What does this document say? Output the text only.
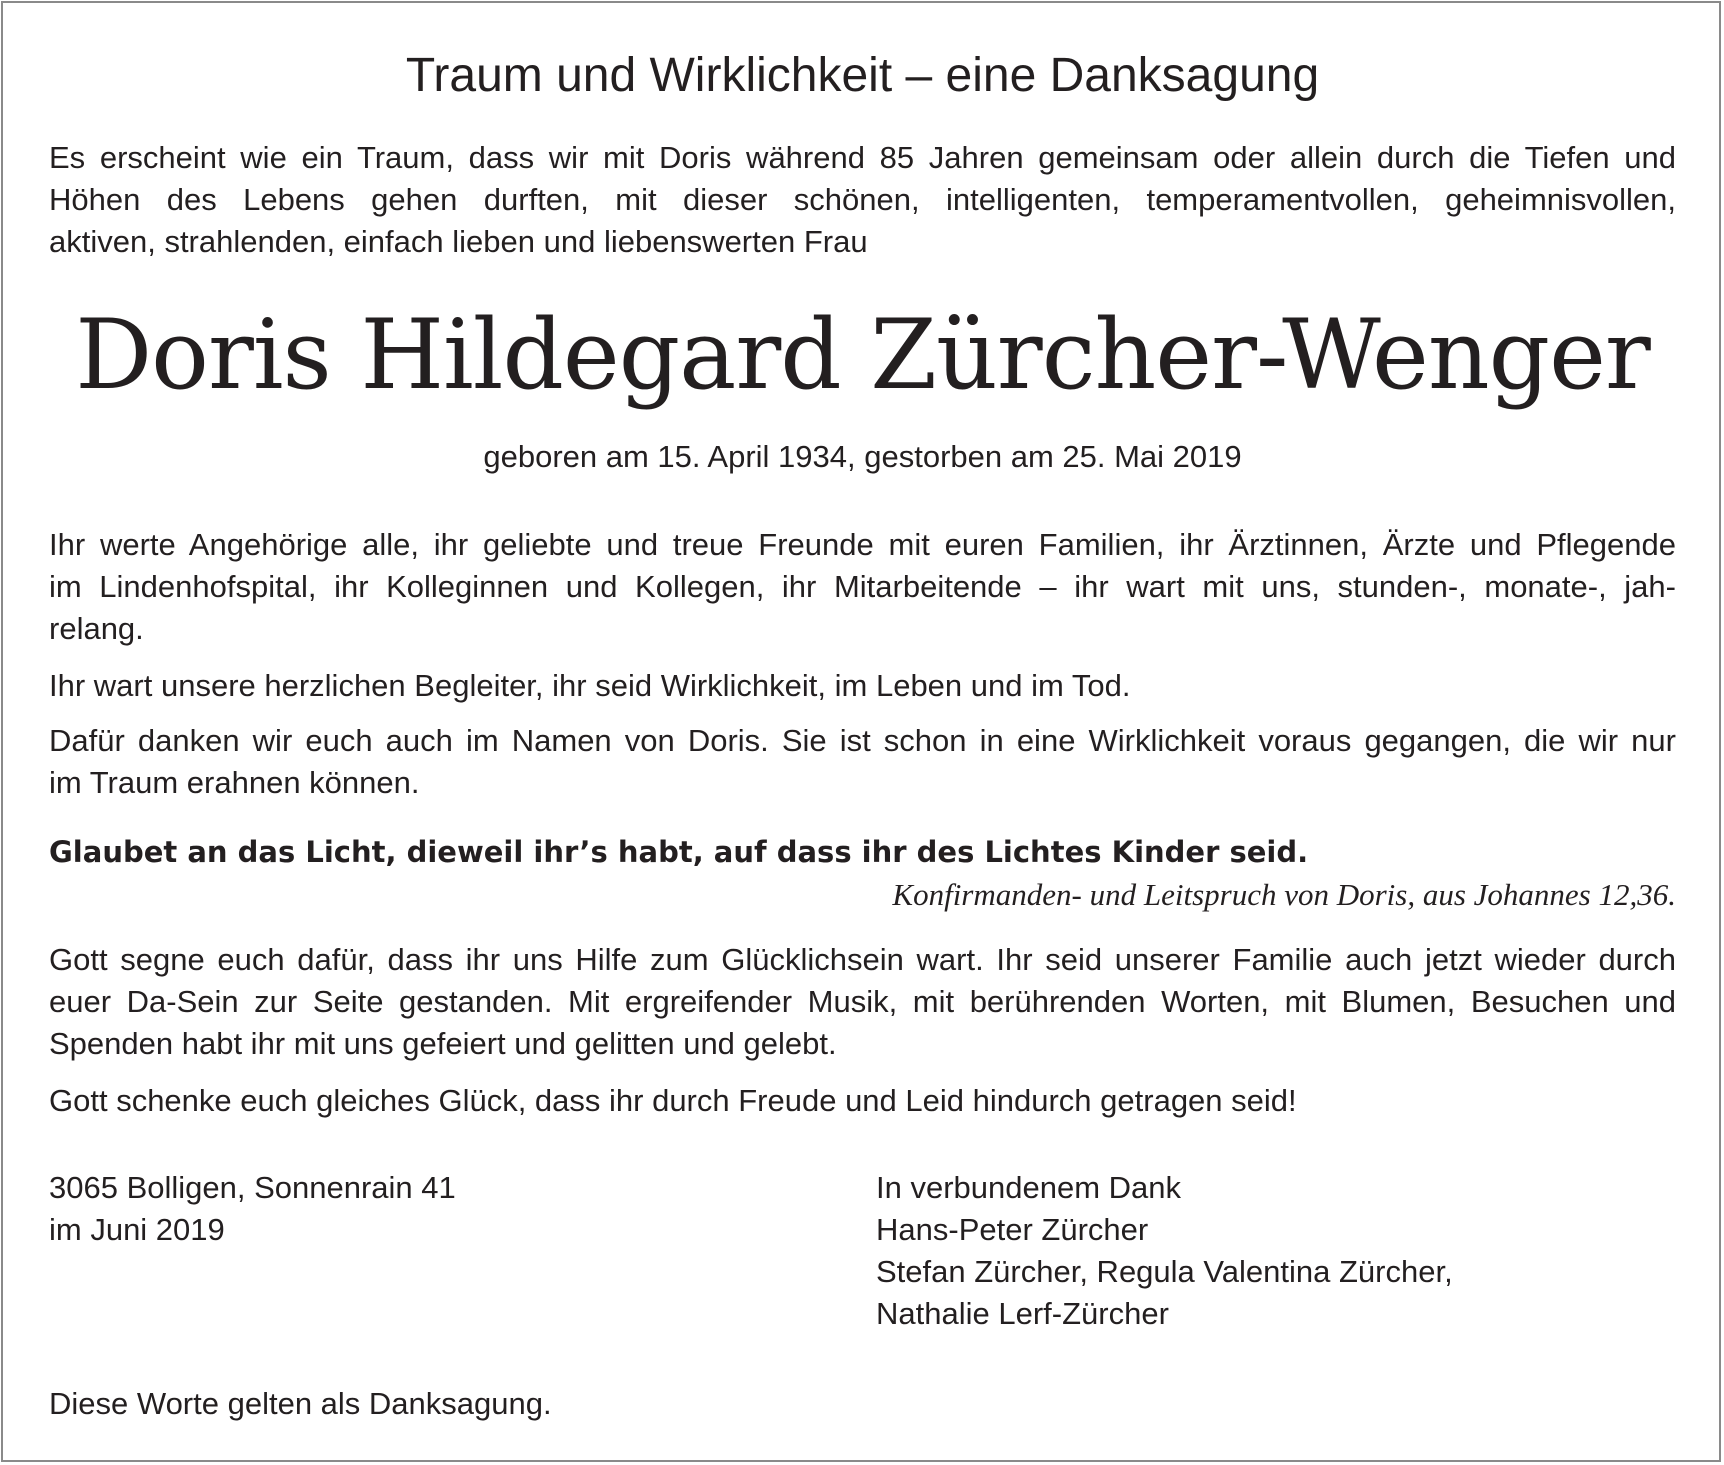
Traum und Wirklichkeit – eine Danksagung
Es erscheint wie ein Traum, dass wir mit Doris während 85 Jahren gemeinsam oder allein durch die Tiefen und
Höhen des Lebens gehen durften, mit dieser schönen, intelligenten, temperamentvollen, geheimnisvollen,
aktiven, strahlenden, einfach lieben und liebenswerten Frau
Doris Hildegard Zürcher-Wenger
geboren am 15. April 1934, gestorben am 25. Mai 2019
Ihr werte Angehörige alle, ihr geliebte und treue Freunde mit euren Familien, ihr Ärztinnen, Ärzte und Pflegende
im Lindenhofspital, ihr Kolleginnen und Kollegen, ihr Mitarbeitende – ihr wart mit uns, stunden-, monate-, jah-
relang.
Ihr wart unsere herzlichen Begleiter, ihr seid Wirklichkeit, im Leben und im Tod.
Dafür danken wir euch auch im Namen von Doris. Sie ist schon in eine Wirklichkeit voraus gegangen, die wir nur
im Traum erahnen können.
Glaubet an das Licht, dieweil ihr’s habt, auf dass ihr des Lichtes Kinder seid.
Konfirmanden- und Leitspruch von Doris, aus Johannes 12,36.
Gott segne euch dafür, dass ihr uns Hilfe zum Glücklichsein wart. Ihr seid unserer Familie auch jetzt wieder durch
euer Da-Sein zur Seite gestanden. Mit ergreifender Musik, mit berührenden Worten, mit Blumen, Besuchen und
Spenden habt ihr mit uns gefeiert und gelitten und gelebt.
Gott schenke euch gleiches Glück, dass ihr durch Freude und Leid hindurch getragen seid!
3065 Bolligen, Sonnenrain 41
im Juni 2019
In verbundenem Dank
Hans-Peter Zürcher
Stefan Zürcher, Regula Valentina Zürcher,
Nathalie Lerf-Zürcher
Diese Worte gelten als Danksagung.
